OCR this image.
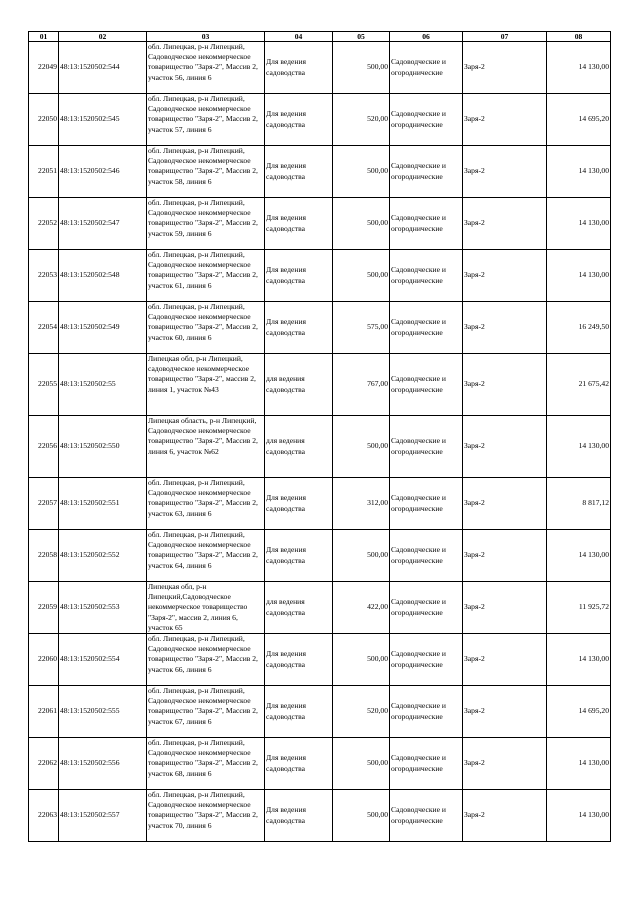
01	02	03	04	05	06	07	08
22049	48:13:1520502:544	обл. Липецкая, р-н Липецкий, Садоводческое некоммерческое товарищество "Заря-2", Массив 2, участок 56, линия 6	Для ведения садоводства	500,00	Садоводческие и огороднические	Заря-2	14 130,00
22050	48:13:1520502:545	обл. Липецкая, р-н Липецкий, Садоводческое некоммерческое товарищество "Заря-2", Массив 2, участок 57, линия 6	Для ведения садоводства	520,00	Садоводческие и огороднические	Заря-2	14 695,20
22051	48:13:1520502:546	обл. Липецкая, р-н Липецкий, Садоводческое некоммерческое товарищество "Заря-2", Массив 2, участок 58, линия 6	Для ведения садоводства	500,00	Садоводческие и огороднические	Заря-2	14 130,00
22052	48:13:1520502:547	обл. Липецкая, р-н Липецкий, Садоводческое некоммерческое товарищество "Заря-2", Массив 2, участок 59, линия 6	Для ведения садоводства	500,00	Садоводческие и огороднические	Заря-2	14 130,00
22053	48:13:1520502:548	обл. Липецкая, р-н Липецкий, Садоводческое некоммерческое товарищество "Заря-2", Массив 2, участок 61, линия 6	Для ведения садоводства	500,00	Садоводческие и огороднические	Заря-2	14 130,00
22054	48:13:1520502:549	обл. Липецкая, р-н Липецкий, Садоводческое некоммерческое товарищество "Заря-2", Массив 2, участок 60, линия 6	Для ведения садоводства	575,00	Садоводческие и огороднические	Заря-2	16 249,50
22055	48:13:1520502:55	Липецкая обл, р-н Липецкий, садоводческое некоммерческое товарищество "Заря-2", массив 2, линия 1, участок №43	для ведения садоводства	767,00	Садоводческие и огороднические	Заря-2	21 675,42
22056	48:13:1520502:550	Липецкая область, р-н Липецкий, Садоводческое некоммерческое товарищество "Заря-2", Массив 2, линия 6, участок №62	для ведения садоводства	500,00	Садоводческие и огороднические	Заря-2	14 130,00
22057	48:13:1520502:551	обл. Липецкая, р-н Липецкий, Садоводческое некоммерческое товарищество "Заря-2", Массив 2, участок 63, линия 6	Для ведения садоводства	312,00	Садоводческие и огороднические	Заря-2	8 817,12
22058	48:13:1520502:552	обл. Липецкая, р-н Липецкий, Садоводческое некоммерческое товарищество "Заря-2", Массив 2, участок 64, линия 6	Для ведения садоводства	500,00	Садоводческие и огороднические	Заря-2	14 130,00
22059	48:13:1520502:553	Липецкая обл, р-н Липецкий,Садоводческое некоммерческое товарищество "Заря-2", массив 2, линия 6, участок 65	для ведения садоводства	422,00	Садоводческие и огороднические	Заря-2	11 925,72
22060	48:13:1520502:554	обл. Липецкая, р-н Липецкий, Садоводческое некоммерческое товарищество "Заря-2", Массив 2, участок 66, линия 6	Для ведения садоводства	500,00	Садоводческие и огороднические	Заря-2	14 130,00
22061	48:13:1520502:555	обл. Липецкая, р-н Липецкий, Садоводческое некоммерческое товарищество "Заря-2", Массив 2, участок 67, линия 6	Для ведения садоводства	520,00	Садоводческие и огороднические	Заря-2	14 695,20
22062	48:13:1520502:556	обл. Липецкая, р-н Липецкий, Садоводческое некоммерческое товарищество "Заря-2", Массив 2, участок 68, линия 6	Для ведения садоводства	500,00	Садоводческие и огороднические	Заря-2	14 130,00
22063	48:13:1520502:557	обл. Липецкая, р-н Липецкий, Садоводческое некоммерческое товарищество "Заря-2", Массив 2, участок 70, линия 6	Для ведения садоводства	500,00	Садоводческие и огороднические	Заря-2	14 130,00
